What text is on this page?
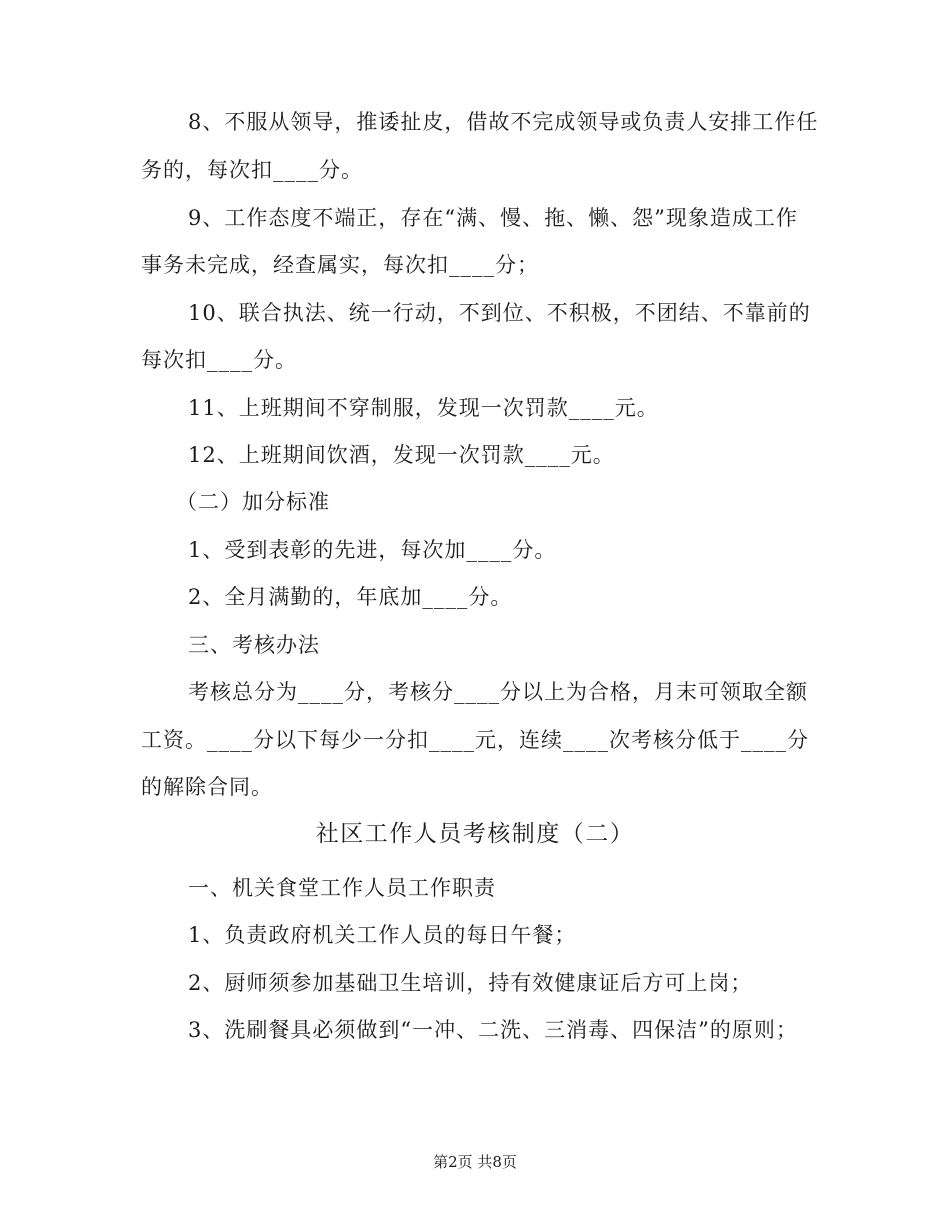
8、不服从领导，推诿扯皮，借故不完成领导或负责人安排工作任
务的，每次扣____分。
9、工作态度不端正，存在“满、慢、拖、懒、怨”现象造成工作
事务未完成，经查属实，每次扣____分；
10、联合执法、统一行动，不到位、不积极，不团结、不靠前的
每次扣____分。
11、上班期间不穿制服，发现一次罚款____元。
12、上班期间饮酒，发现一次罚款____元。
（二）加分标准
1、受到表彰的先进，每次加____分。
2、全月满勤的，年底加____分。
三、考核办法
考核总分为____分，考核分____分以上为合格，月末可领取全额
工资。____分以下每少一分扣____元，连续____次考核分低于____分
的解除合同。
社区工作人员考核制度（二）
一、机关食堂工作人员工作职责
1、负责政府机关工作人员的每日午餐；
2、厨师须参加基础卫生培训，持有效健康证后方可上岗；
3、洗刷餐具必须做到“一冲、二洗、三消毒、四保洁”的原则；
第2页 共8页
